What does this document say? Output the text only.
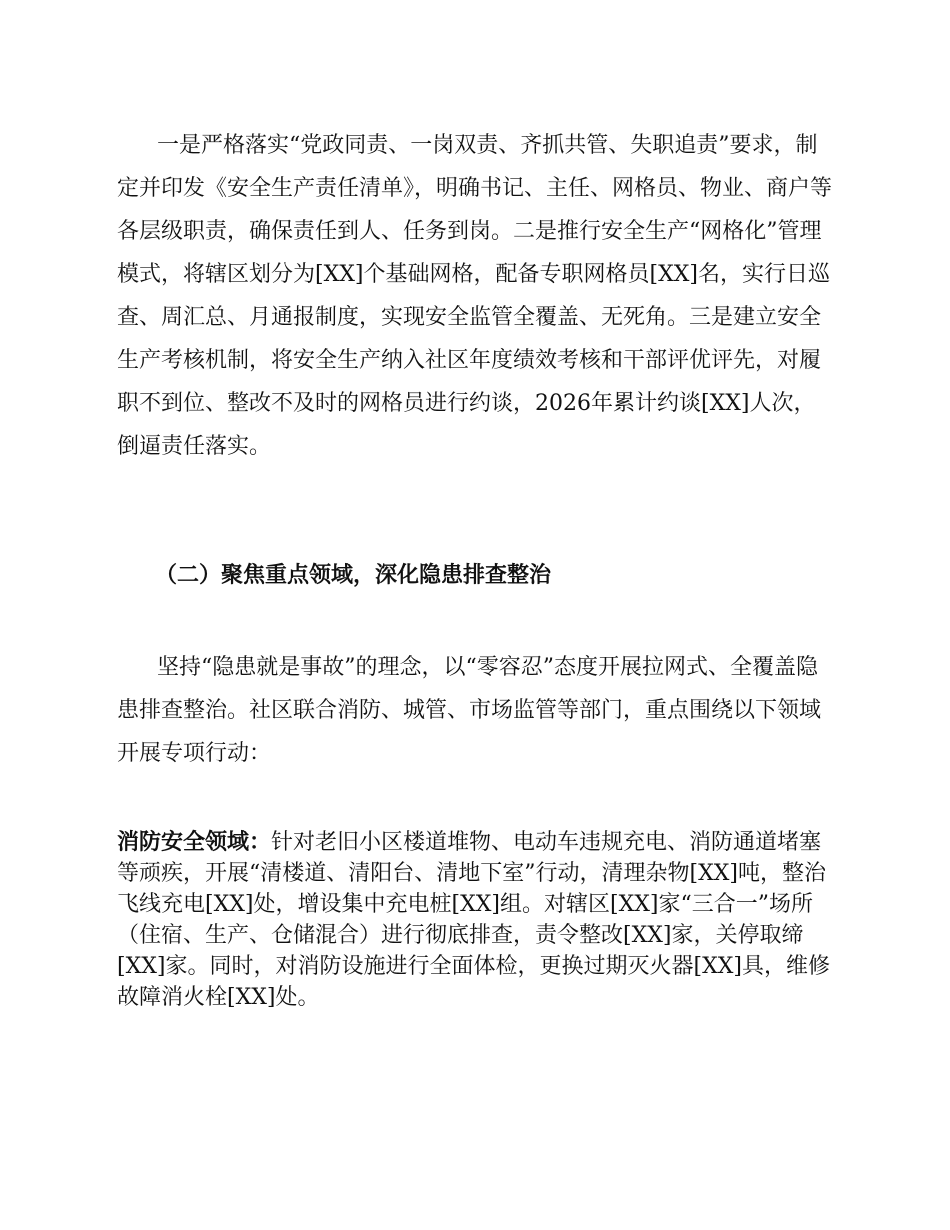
一是严格落实“党政同责、一岗双责、齐抓共管、失职追责”要求，制定并印发《安全生产责任清单》，明确书记、主任、网格员、物业、商户等各层级职责，确保责任到人、任务到岗。二是推行安全生产“网格化”管理模式，将辖区划分为[XX]个基础网格，配备专职网格员[XX]名，实行日巡查、周汇总、月通报制度，实现安全监管全覆盖、无死角。三是建立安全生产考核机制，将安全生产纳入社区年度绩效考核和干部评优评先，对履职不到位、整改不及时的网格员进行约谈，2026年累计约谈[XX]人次，倒逼责任落实。

（二）聚焦重点领域，深化隐患排查整治

坚持“隐患就是事故”的理念，以“零容忍”态度开展拉网式、全覆盖隐患排查整治。社区联合消防、城管、市场监管等部门，重点围绕以下领域开展专项行动：

消防安全领域：针对老旧小区楼道堆物、电动车违规充电、消防通道堵塞等顽疾，开展“清楼道、清阳台、清地下室”行动，清理杂物[XX]吨，整治飞线充电[XX]处，增设集中充电桩[XX]组。对辖区[XX]家“三合一”场所（住宿、生产、仓储混合）进行彻底排查，责令整改[XX]家，关停取缔[XX]家。同时，对消防设施进行全面体检，更换过期灭火器[XX]具，维修故障消火栓[XX]处。
